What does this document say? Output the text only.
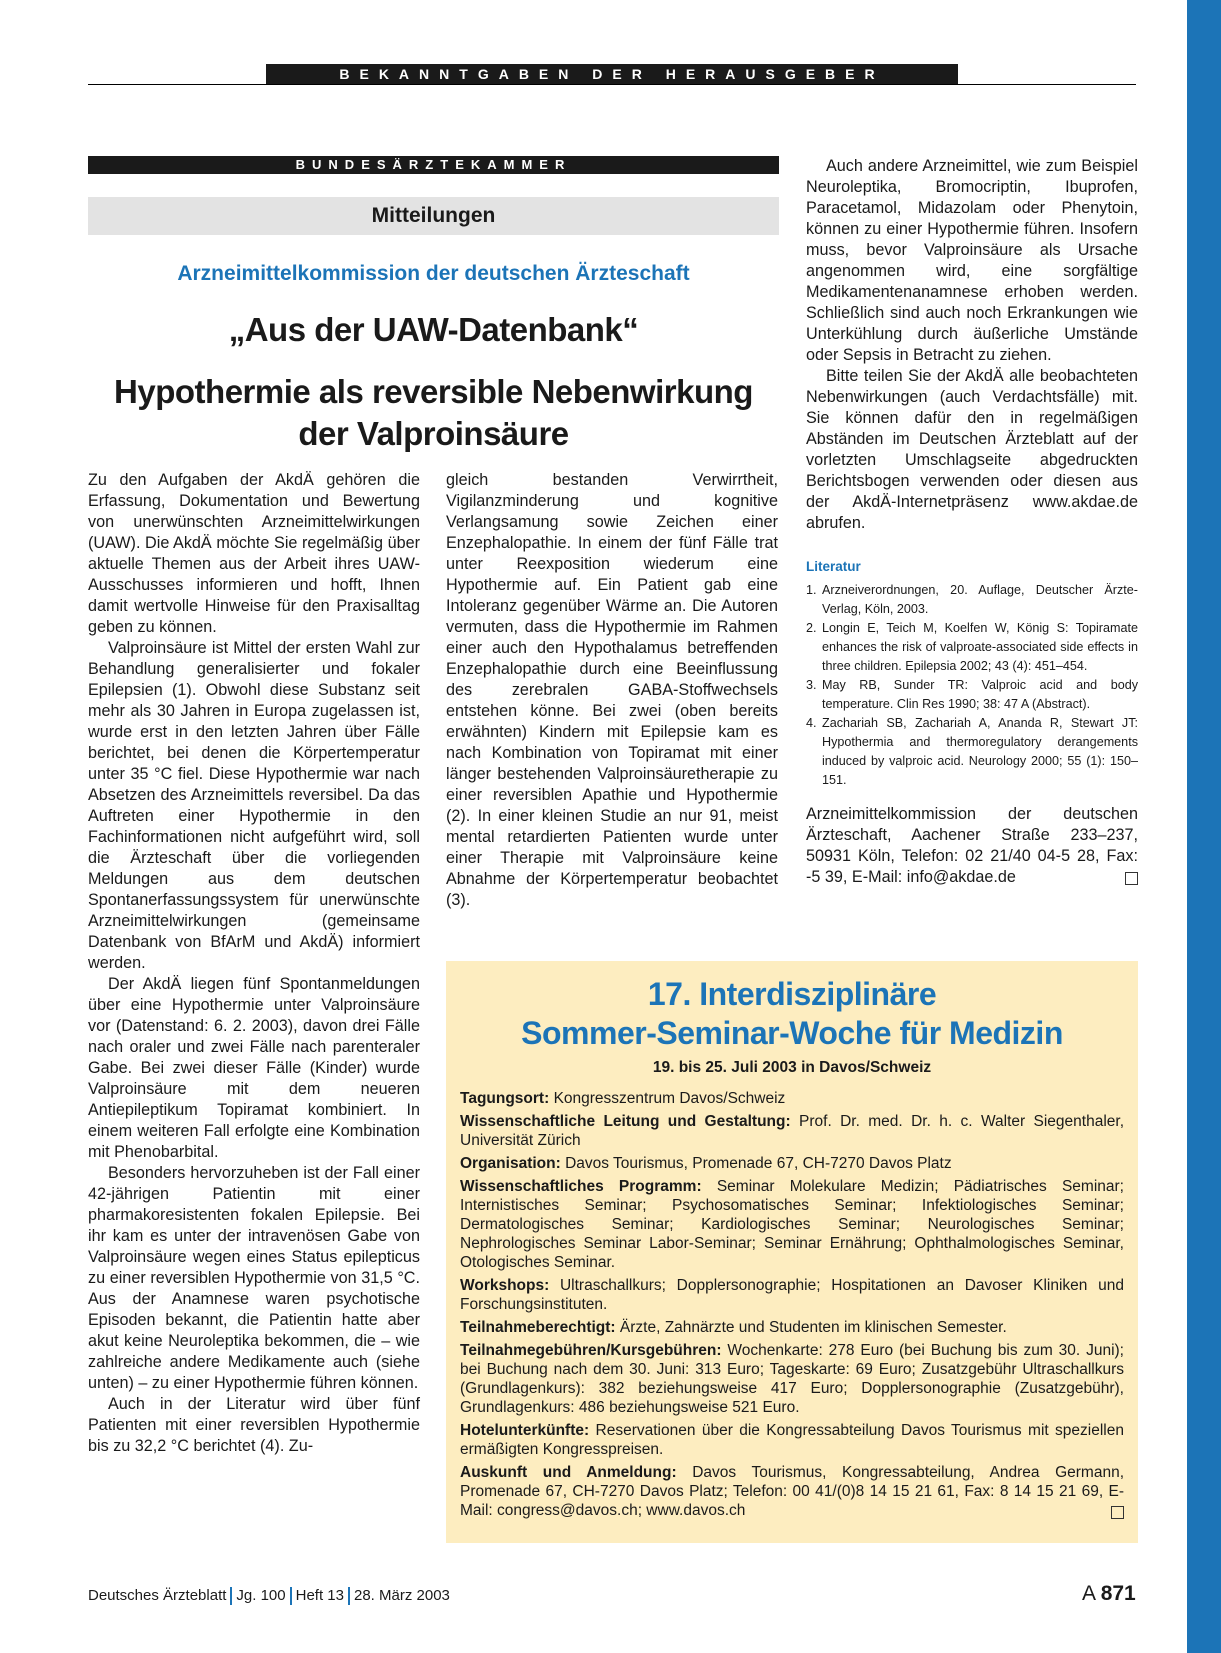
BEKANNTGABEN DER HERAUSGEBER
BUNDESÄRZTEKAMMER
Mitteilungen
Arzneimittelkommission der deutschen Ärzteschaft
„Aus der UAW-Datenbank“
Hypothermie als reversible Nebenwirkung der Valproinsäure

Zu den Aufgaben der AkdÄ gehören die Erfassung, Dokumentation und Bewertung von unerwünschten Arzneimittelwirkungen (UAW). Die AkdÄ möchte Sie regelmäßig über aktuelle Themen aus der Arbeit ihres UAW-Ausschusses informieren und hofft, Ihnen damit wertvolle Hinweise für den Praxisalltag geben zu können.

Valproinsäure ist Mittel der ersten Wahl zur Behandlung generalisierter und fokaler Epilepsien (1). Obwohl diese Substanz seit mehr als 30 Jahren in Europa zugelassen ist, wurde erst in den letzten Jahren über Fälle berichtet, bei denen die Körpertemperatur unter 35 °C fiel. Diese Hypothermie war nach Absetzen des Arzneimittels reversibel. Da das Auftreten einer Hypothermie in den Fachinformationen nicht aufgeführt wird, soll die Ärzteschaft über die vorliegenden Meldungen aus dem deutschen Spontanerfassungssystem für unerwünschte Arzneimittelwirkungen (gemeinsame Datenbank von BfArM und AkdÄ) informiert werden.

Der AkdÄ liegen fünf Spontanmeldungen über eine Hypothermie unter Valproinsäure vor (Datenstand: 6. 2. 2003), davon drei Fälle nach oraler und zwei Fälle nach parenteraler Gabe. Bei zwei dieser Fälle (Kinder) wurde Valproinsäure mit dem neueren Antiepileptikum Topiramat kombiniert. In einem weiteren Fall erfolgte eine Kombination mit Phenobarbital.

Besonders hervorzuheben ist der Fall einer 42-jährigen Patientin mit einer pharmakoresistenten fokalen Epilepsie. Bei ihr kam es unter der intravenösen Gabe von Valproinsäure wegen eines Status epilepticus zu einer reversiblen Hypothermie von 31,5 °C. Aus der Anamnese waren psychotische Episoden bekannt, die Patientin hatte aber akut keine Neuroleptika bekommen, die – wie zahlreiche andere Medikamente auch (siehe unten) – zu einer Hypothermie führen können.

Auch in der Literatur wird über fünf Patienten mit einer reversiblen Hypothermie bis zu 32,2 °C berichtet (4). Zu-

gleich bestanden Verwirrtheit, Vigilanzminderung und kognitive Verlangsamung sowie Zeichen einer Enzephalopathie. In einem der fünf Fälle trat unter Reexposition wiederum eine Hypothermie auf. Ein Patient gab eine Intoleranz gegenüber Wärme an. Die Autoren vermuten, dass die Hypothermie im Rahmen einer auch den Hypothalamus betreffenden Enzephalopathie durch eine Beeinflussung des zerebralen GABA-Stoffwechsels entstehen könne. Bei zwei (oben bereits erwähnten) Kindern mit Epilepsie kam es nach Kombination von Topiramat mit einer länger bestehenden Valproinsäuretherapie zu einer reversiblen Apathie und Hypothermie (2). In einer kleinen Studie an nur 91, meist mental retardierten Patienten wurde unter einer Therapie mit Valproinsäure keine Abnahme der Körpertemperatur beobachtet (3).

Auch andere Arzneimittel, wie zum Beispiel Neuroleptika, Bromocriptin, Ibuprofen, Paracetamol, Midazolam oder Phenytoin, können zu einer Hypothermie führen. Insofern muss, bevor Valproinsäure als Ursache angenommen wird, eine sorgfältige Medikamentenanamnese erhoben werden. Schließlich sind auch noch Erkrankungen wie Unterkühlung durch äußerliche Umstände oder Sepsis in Betracht zu ziehen.

Bitte teilen Sie der AkdÄ alle beobachteten Nebenwirkungen (auch Verdachtsfälle) mit. Sie können dafür den in regelmäßigen Abständen im Deutschen Ärzteblatt auf der vorletzten Umschlagseite abgedruckten Berichtsbogen verwenden oder diesen aus der AkdÄ-Internetpräsenz www.akdae.de abrufen.

Literatur
1. Arzneiverordnungen, 20. Auflage, Deutscher Ärzte-Verlag, Köln, 2003.
2. Longin E, Teich M, Koelfen W, König S: Topiramate enhances the risk of valproate-associated side effects in three children. Epilepsia 2002; 43 (4): 451–454.
3. May RB, Sunder TR: Valproic acid and body temperature. Clin Res 1990; 38: 47 A (Abstract).
4. Zachariah SB, Zachariah A, Ananda R, Stewart JT: Hypothermia and thermoregulatory derangements induced by valproic acid. Neurology 2000; 55 (1): 150–151.
Arzneimittelkommission der deutschen Ärzteschaft, Aachener Straße 233–237, 50931 Köln, Telefon: 02 21/40 04-5 28, Fax: -5 39, E-Mail: info@akdae.de
17. Interdisziplinäre
Sommer-Seminar-Woche für Medizin
19. bis 25. Juli 2003 in Davos/Schweiz

Tagungsort: Kongresszentrum Davos/Schweiz

Wissenschaftliche Leitung und Gestaltung: Prof. Dr. med. Dr. h. c. Walter Siegenthaler, Universität Zürich

Organisation: Davos Tourismus, Promenade 67, CH-7270 Davos Platz

Wissenschaftliches Programm: Seminar Molekulare Medizin; Pädiatrisches Seminar; Internistisches Seminar; Psychosomatisches Seminar; Infektiologisches Seminar; Dermatologisches Seminar; Kardiologisches Seminar; Neurologisches Seminar; Nephrologisches Seminar Labor-Seminar; Seminar Ernährung; Ophthalmologisches Seminar, Otologisches Seminar.

Workshops: Ultraschallkurs; Dopplersonographie; Hospitationen an Davoser Kliniken und Forschungsinstituten.

Teilnahmeberechtigt: Ärzte, Zahnärzte und Studenten im klinischen Semester.

Teilnahmegebühren/Kursgebühren: Wochenkarte: 278 Euro (bei Buchung bis zum 30. Juni); bei Buchung nach dem 30. Juni: 313 Euro; Tageskarte: 69 Euro; Zusatzgebühr Ultraschallkurs (Grundlagenkurs): 382 beziehungsweise 417 Euro; Dopplersonographie (Zusatzgebühr), Grundlagenkurs: 486 beziehungsweise 521 Euro.

Hotelunterkünfte: Reservationen über die Kongressabteilung Davos Tourismus mit speziellen ermäßigten Kongresspreisen.

Auskunft und Anmeldung: Davos Tourismus, Kongressabteilung, Andrea Germann, Promenade 67, CH-7270 Davos Platz; Telefon: 00 41/(0)8 14 15 21 61, Fax: 8 14 15 21 69, E-Mail: congress@davos.ch; www.davos.ch

Deutsches Ärzteblatt Jg. 100 Heft 13 28. März 2003	A 871
